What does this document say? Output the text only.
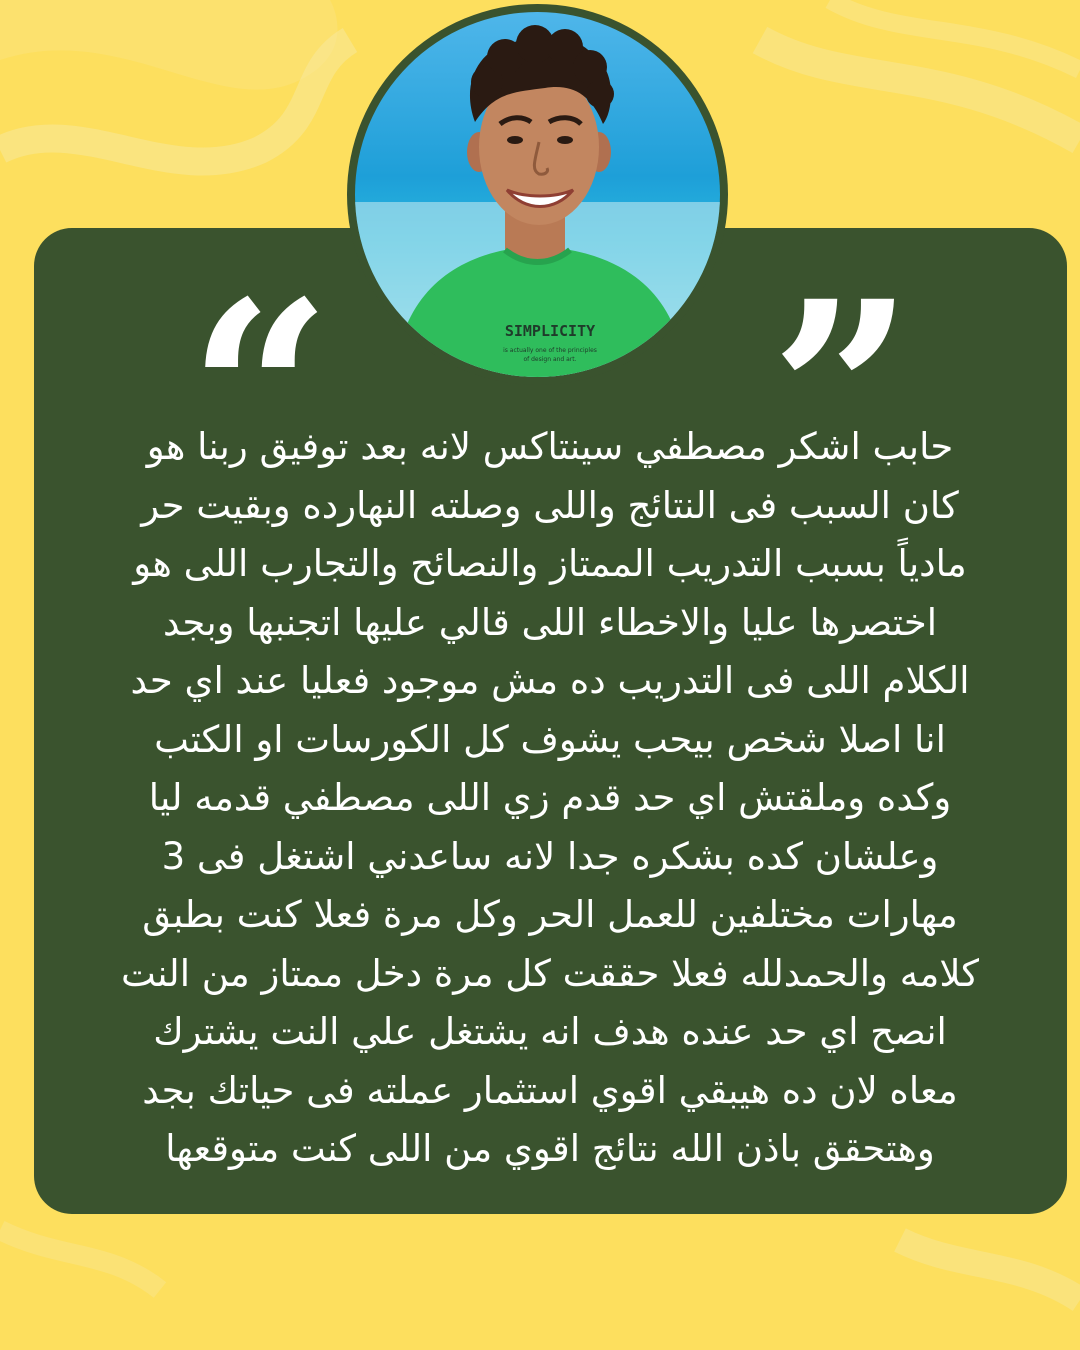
SIMPLICITY
is actually one of the principles
of design and art.
“ ”

حابب اشكر مصطفي سينتاكس لانه بعد توفيق ربنا هو
كان السبب فى النتائج واللى وصلته النهارده وبقيت حر
مادياً بسبب التدريب الممتاز والنصائح والتجارب اللى هو
اختصرها عليا والاخطاء اللى قالي عليها اتجنبها وبجد
الكلام اللى فى التدريب ده مش موجود فعليا عند اي حد
انا اصلا شخص بيحب يشوف كل الكورسات او الكتب
وكده وملقتش اي حد قدم زي اللى مصطفي قدمه ليا
وعلشان كده بشكره جدا لانه ساعدني اشتغل فى 3
مهارات مختلفين للعمل الحر وكل مرة فعلا كنت بطبق
كلامه والحمدلله فعلا حققت كل مرة دخل ممتاز من النت
انصح اي حد عنده هدف انه يشتغل علي النت يشترك
معاه لان ده هيبقي اقوي استثمار عملته فى حياتك بجد
وهتحقق باذن الله نتائج اقوي من اللى كنت متوقعها
